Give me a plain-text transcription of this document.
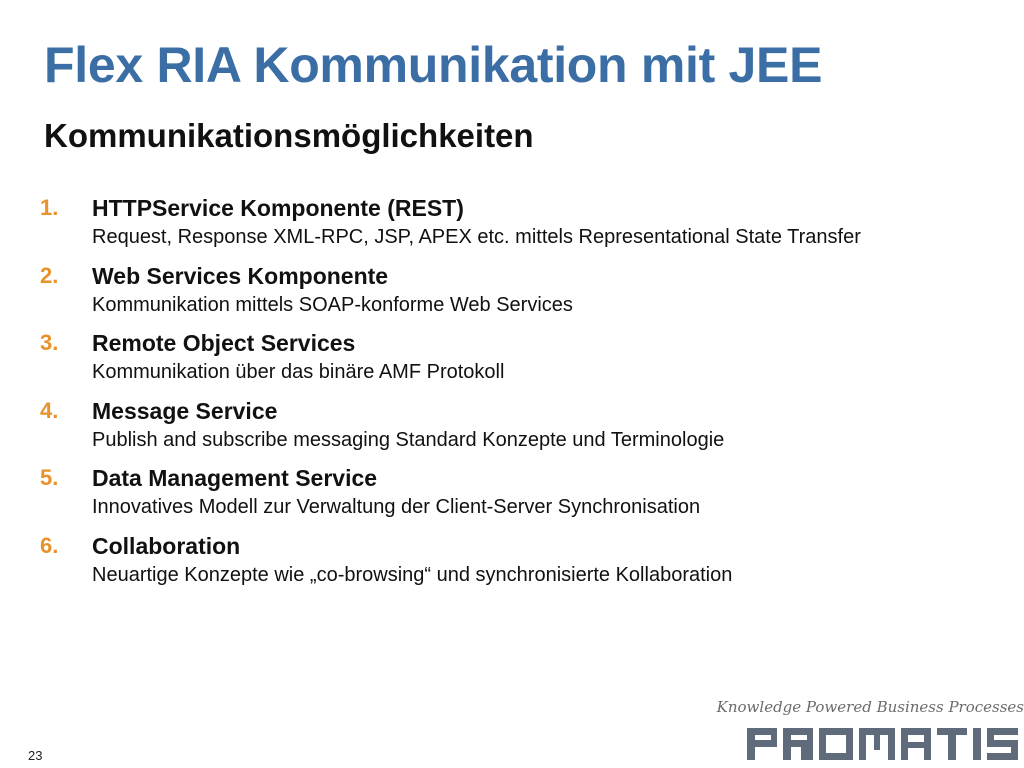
Flex RIA Kommunikation mit JEE
Kommunikationsmöglichkeiten
1. HTTPService Komponente (REST)
Request, Response XML-RPC, JSP, APEX etc. mittels Representational State Transfer
2. Web Services Komponente
Kommunikation mittels SOAP-konforme Web Services
3. Remote Object Services
Kommunikation über das binäre AMF Protokoll
4. Message Service
Publish and subscribe messaging Standard Konzepte und Terminologie
5. Data Management Service
Innovatives Modell zur Verwaltung der Client-Server Synchronisation
6. Collaboration
Neuartige Konzepte wie „co-browsing“ und synchronisierte Kollaboration
Knowledge Powered Business Processes
23
